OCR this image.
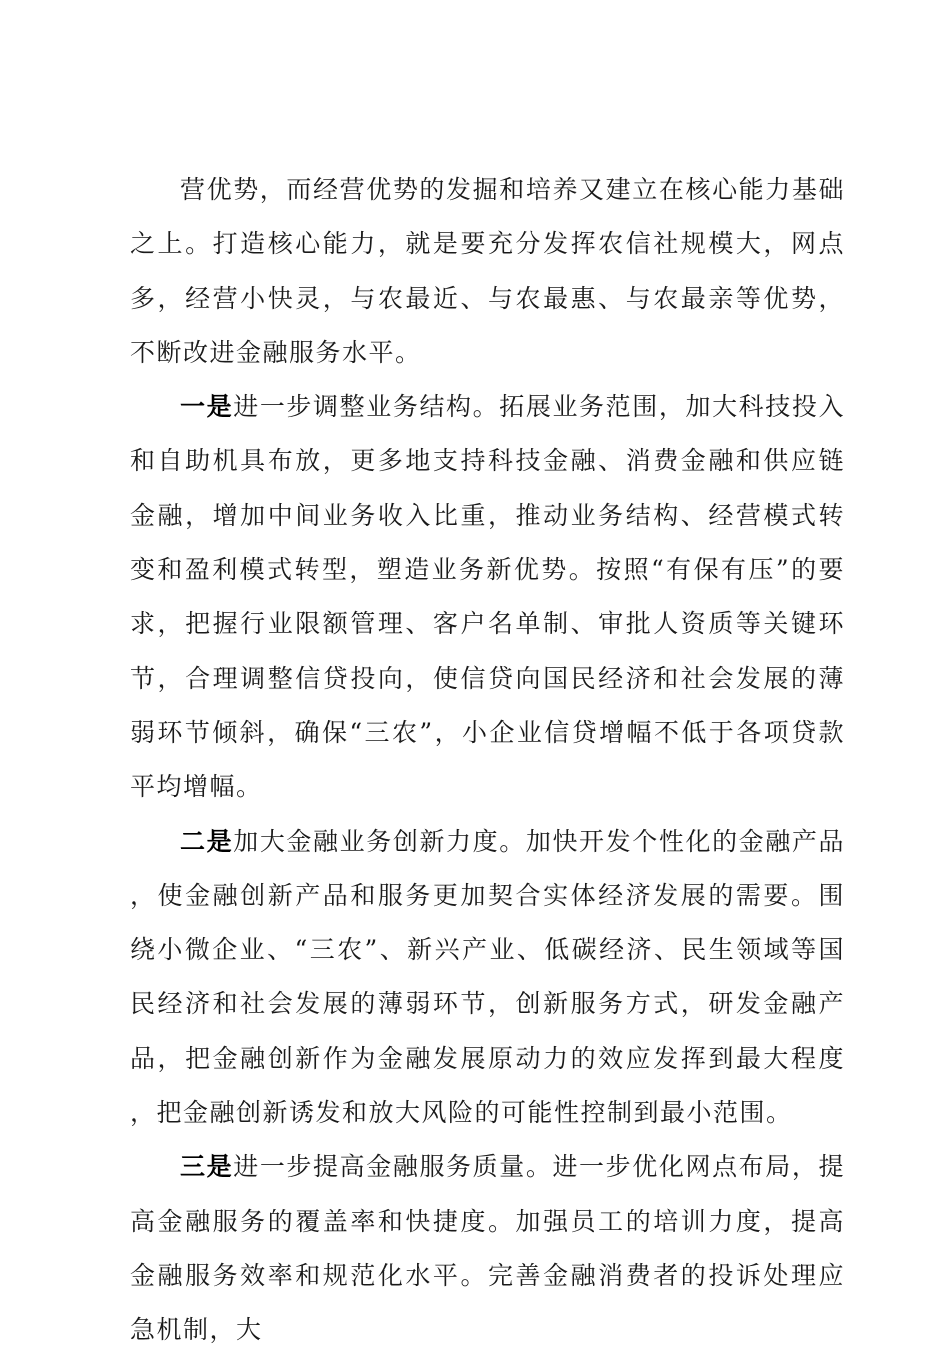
营优势，而经营优势的发掘和培养又建立在核心能力基础之上。打造核心能力，就是要充分发挥农信社规模大，网点多，经营小快灵，与农最近、与农最惠、与农最亲等优势，不断改进金融服务水平。

一是进一步调整业务结构。拓展业务范围，加大科技投入和自助机具布放，更多地支持科技金融、消费金融和供应链金融，增加中间业务收入比重，推动业务结构、经营模式转变和盈利模式转型，塑造业务新优势。按照“有保有压”的要求，把握行业限额管理、客户名单制、审批人资质等关键环节，合理调整信贷投向，使信贷向国民经济和社会发展的薄弱环节倾斜，确保“三农”，小企业信贷增幅不低于各项贷款平均增幅。

二是加大金融业务创新力度。加快开发个性化的金融产品，使金融创新产品和服务更加契合实体经济发展的需要。围绕小微企业、“三农”、新兴产业、低碳经济、民生领域等国民经济和社会发展的薄弱环节，创新服务方式，研发金融产品，把金融创新作为金融发展原动力的效应发挥到最大程度，把金融创新诱发和放大风险的可能性控制到最小范围。

三是进一步提高金融服务质量。进一步优化网点布局，提高金融服务的覆盖率和快捷度。加强员工的培训力度，提高金融服务效率和规范化水平。完善金融消费者的投诉处理应急机制，大
